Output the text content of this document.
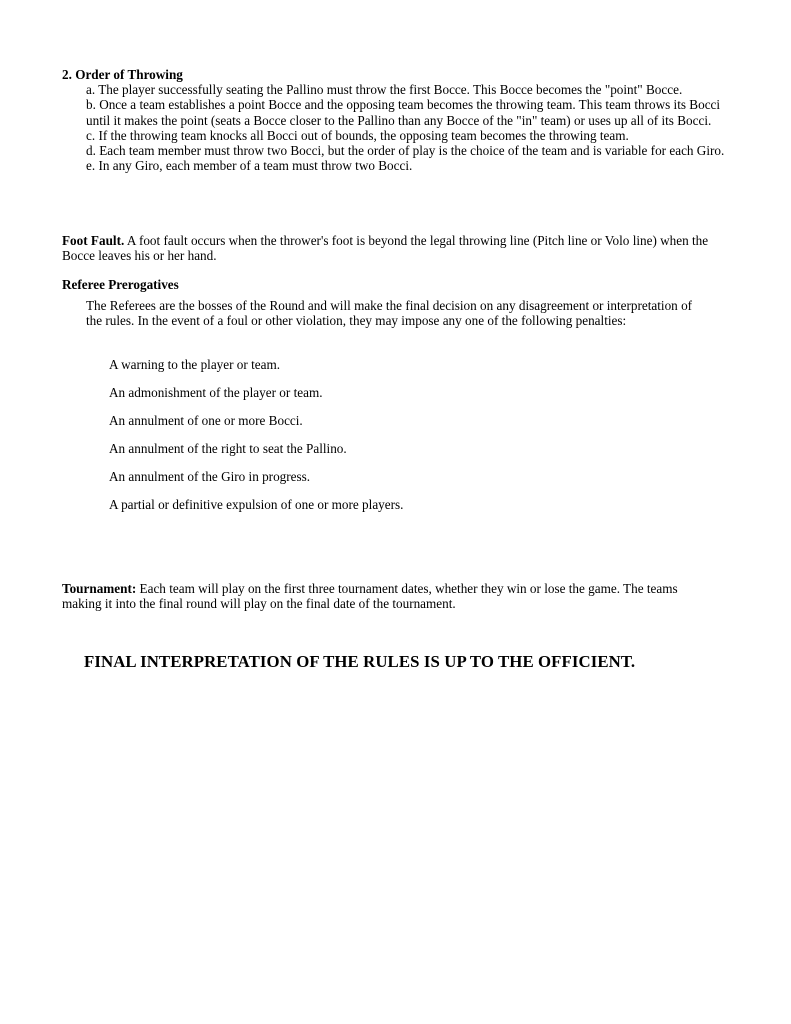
2. Order of Throwing
a. The player successfully seating the Pallino must throw the first Bocce. This Bocce becomes the "point" Bocce.
b. Once a team establishes a point Bocce and the opposing team becomes the throwing team. This team throws its Bocci until it makes the point (seats a Bocce closer to the Pallino than any Bocce of the "in" team) or uses up all of its Bocci.
c. If the throwing team knocks all Bocci out of bounds, the opposing team becomes the throwing team.
d. Each team member must throw two Bocci, but the order of play is the choice of the team and is variable for each Giro.
e. In any Giro, each member of a team must throw two Bocci.
Foot Fault. A foot fault occurs when the thrower's foot is beyond the legal throwing line (Pitch line or Volo line) when the Bocce leaves his or her hand.
Referee Prerogatives
The Referees are the bosses of the Round and will make the final decision on any disagreement or interpretation of the rules. In the event of a foul or other violation, they may impose any one of the following penalties:
A warning to the player or team.
An admonishment of the player or team.
An annulment of one or more Bocci.
An annulment of the right to seat the Pallino.
An annulment of the Giro in progress.
A partial or definitive expulsion of one or more players.
Tournament: Each team will play on the first three tournament dates, whether they win or lose the game. The teams making it into the final round will play on the final date of the tournament.
FINAL INTERPRETATION OF THE RULES IS UP TO THE OFFICIENT.
